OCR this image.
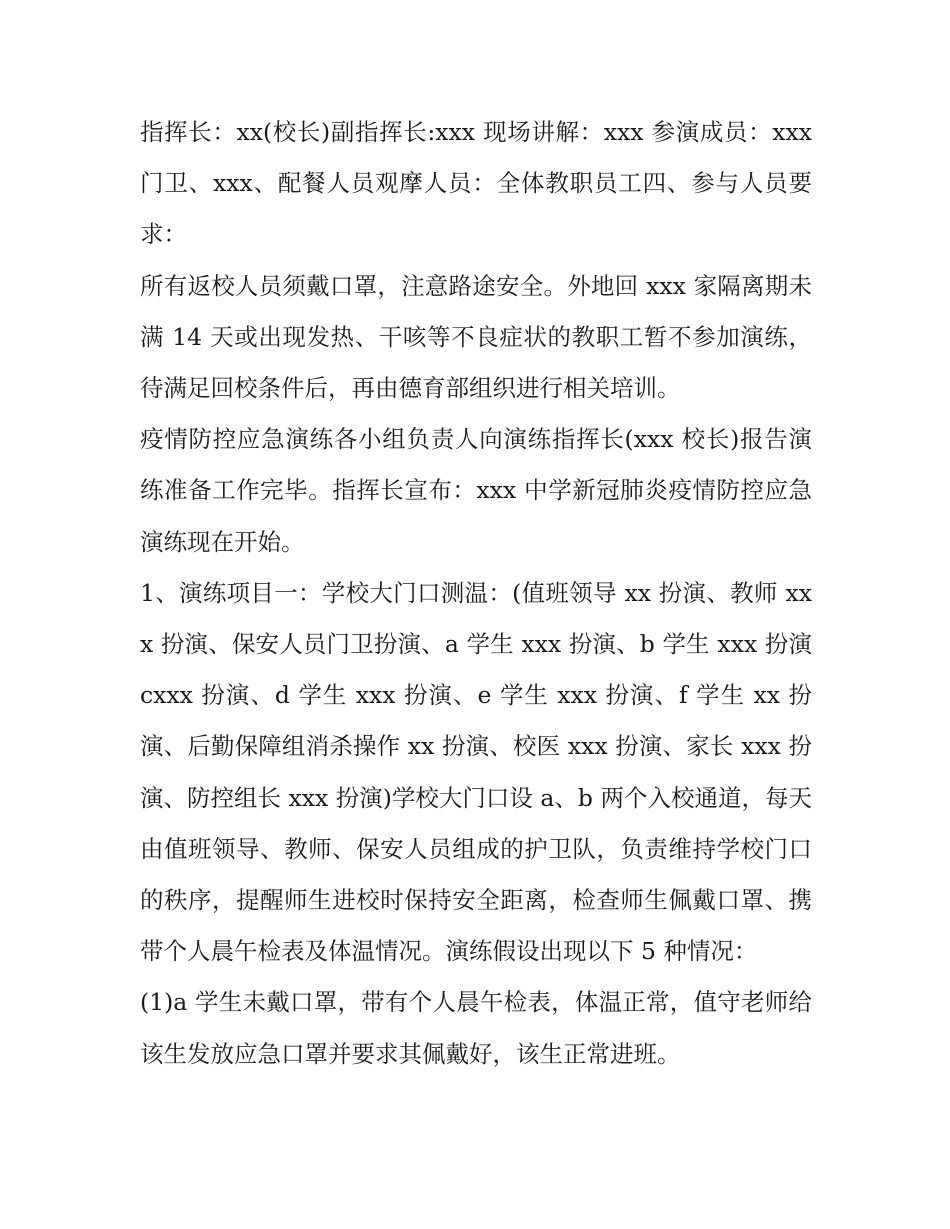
指挥长：xx(校长)副指挥长:xxx 现场讲解：xxx 参演成员：xxx 门卫、xxx、配餐人员观摩人员：全体教职员工四、参与人员要求：

所有返校人员须戴口罩，注意路途安全。外地回 xxx 家隔离期未满 14 天或出现发热、干咳等不良症状的教职工暂不参加演练，待满足回校条件后，再由德育部组织进行相关培训。

疫情防控应急演练各小组负责人向演练指挥长(xxx 校长)报告演练准备工作完毕。指挥长宣布：xxx 中学新冠肺炎疫情防控应急演练现在开始。

1、演练项目一：学校大门口测温：(值班领导 xx 扮演、教师 xxx 扮演、保安人员门卫扮演、a 学生 xxx 扮演、b 学生 xxx 扮演 cxxx 扮演、d 学生 xxx 扮演、e 学生 xxx 扮演、f 学生 xx 扮演、后勤保障组消杀操作 xx 扮演、校医 xxx 扮演、家长 xxx 扮演、防控组长 xxx 扮演)学校大门口设 a、b 两个入校通道，每天由值班领导、教师、保安人员组成的护卫队，负责维持学校门口的秩序，提醒师生进校时保持安全距离，检查师生佩戴口罩、携带个人晨午检表及体温情况。演练假设出现以下 5 种情况：

(1)a 学生未戴口罩，带有个人晨午检表，体温正常，值守老师给该生发放应急口罩并要求其佩戴好，该生正常进班。
